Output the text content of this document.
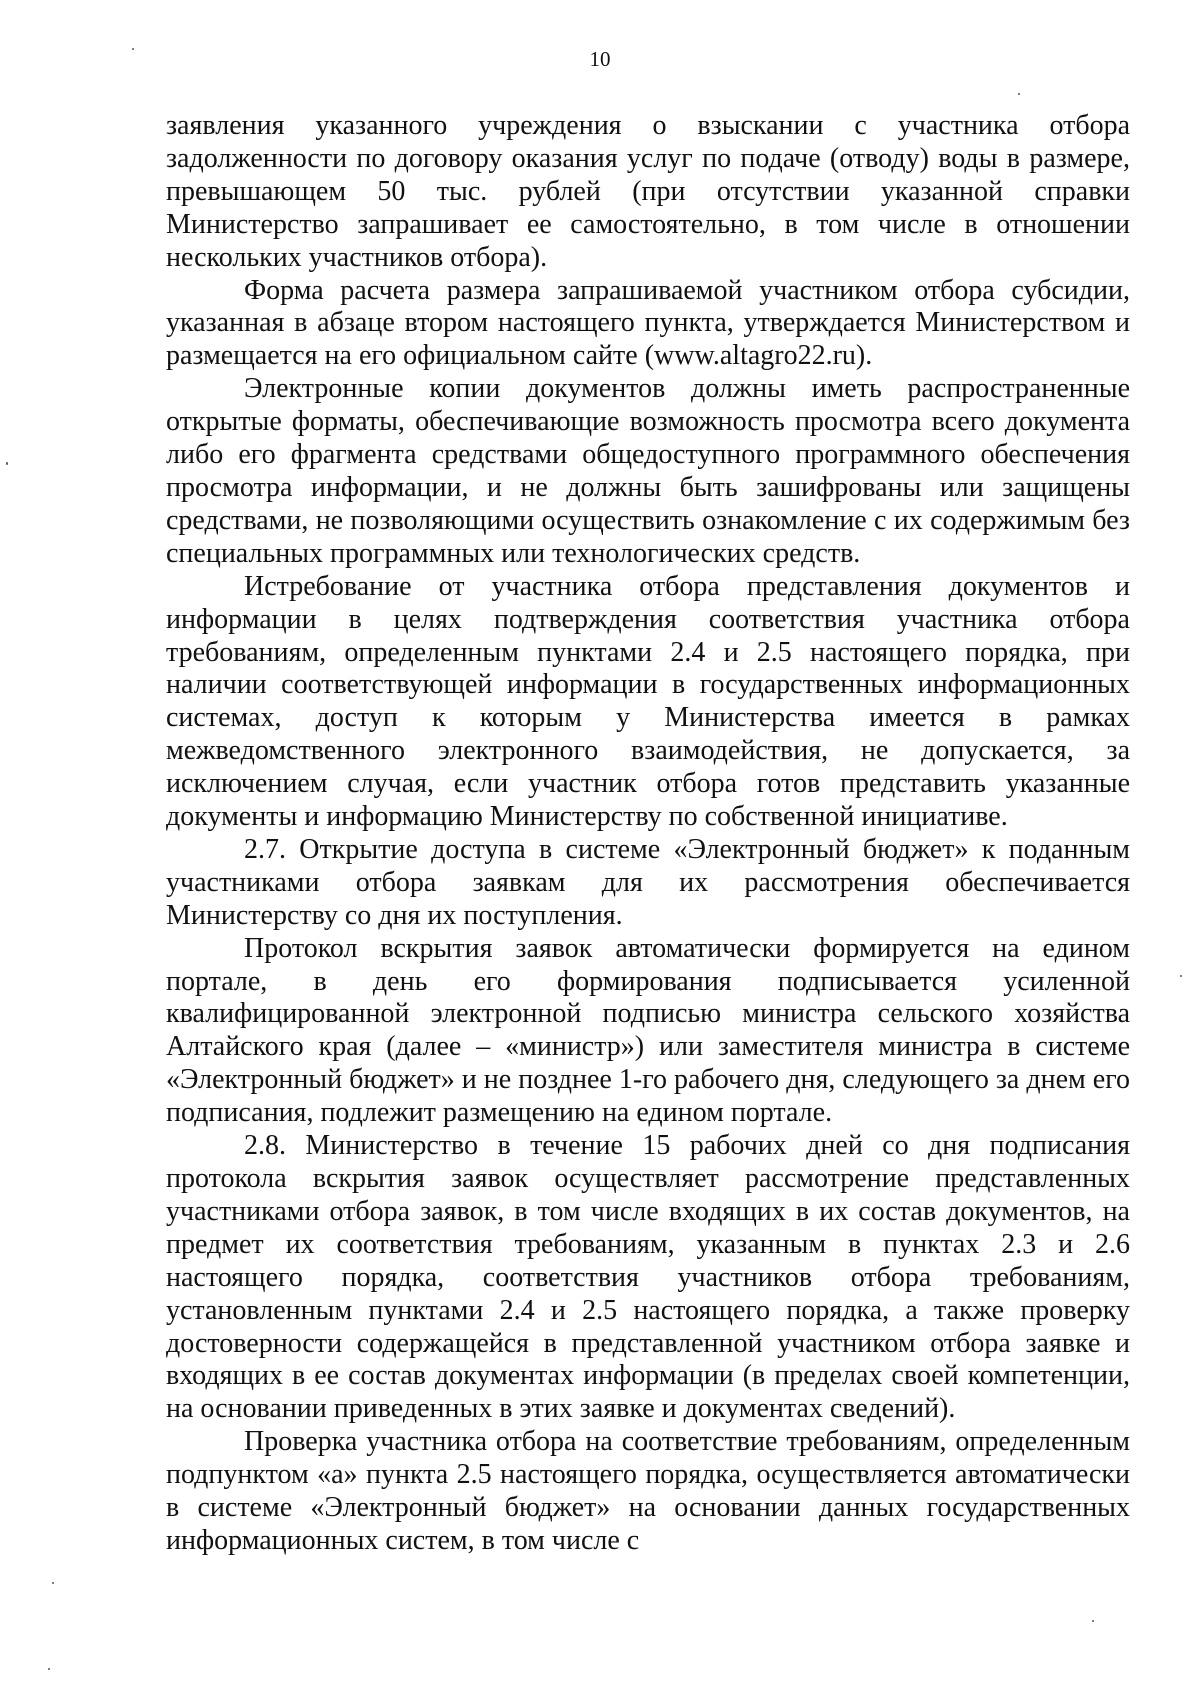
10

заявления указанного учреждения о взыскании с участника отбора задолженности по договору оказания услуг по подаче (отводу) воды в размере, превышающем 50 тыс. рублей (при отсутствии указанной справки Министерство запрашивает ее самостоятельно, в том числе в отношении нескольких участников отбора).

Форма расчета размера запрашиваемой участником отбора субсидии, указанная в абзаце втором настоящего пункта, утверждается Министерством и размещается на его официальном сайте (www.altagro22.ru).

Электронные копии документов должны иметь распространенные открытые форматы, обеспечивающие возможность просмотра всего документа либо его фрагмента средствами общедоступного программного обеспечения просмотра информации, и не должны быть зашифрованы или защищены средствами, не позволяющими осуществить ознакомление с их содержимым без специальных программных или технологических средств.

Истребование от участника отбора представления документов и информации в целях подтверждения соответствия участника отбора требованиям, определенным пунктами 2.4 и 2.5 настоящего порядка, при наличии соответствующей информации в государственных информационных системах, доступ к которым у Министерства имеется в рамках межведомственного электронного взаимодействия, не допускается, за исключением случая, если участник отбора готов представить указанные документы и информацию Министерству по собственной инициативе.

2.7. Открытие доступа в системе «Электронный бюджет» к поданным участниками отбора заявкам для их рассмотрения обеспечивается Министерству со дня их поступления.

Протокол вскрытия заявок автоматически формируется на едином портале, в день его формирования подписывается усиленной квалифицированной электронной подписью министра сельского хозяйства Алтайского края (далее – «министр») или заместителя министра в системе «Электронный бюджет» и не позднее 1-го рабочего дня, следующего за днем его подписания, подлежит размещению на едином портале.

2.8. Министерство в течение 15 рабочих дней со дня подписания протокола вскрытия заявок осуществляет рассмотрение представленных участниками отбора заявок, в том числе входящих в их состав документов, на предмет их соответствия требованиям, указанным в пунктах 2.3 и 2.6 настоящего порядка, соответствия участников отбора требованиям, установленным пунктами 2.4 и 2.5 настоящего порядка, а также проверку достоверности содержащейся в представленной участником отбора заявке и входящих в ее состав документах информации (в пределах своей компетенции, на основании приведенных в этих заявке и документах сведений).

Проверка участника отбора на соответствие требованиям, определенным подпунктом «а» пункта 2.5 настоящего порядка, осуществляется автоматически в системе «Электронный бюджет» на основании данных государственных информационных систем, в том числе с
